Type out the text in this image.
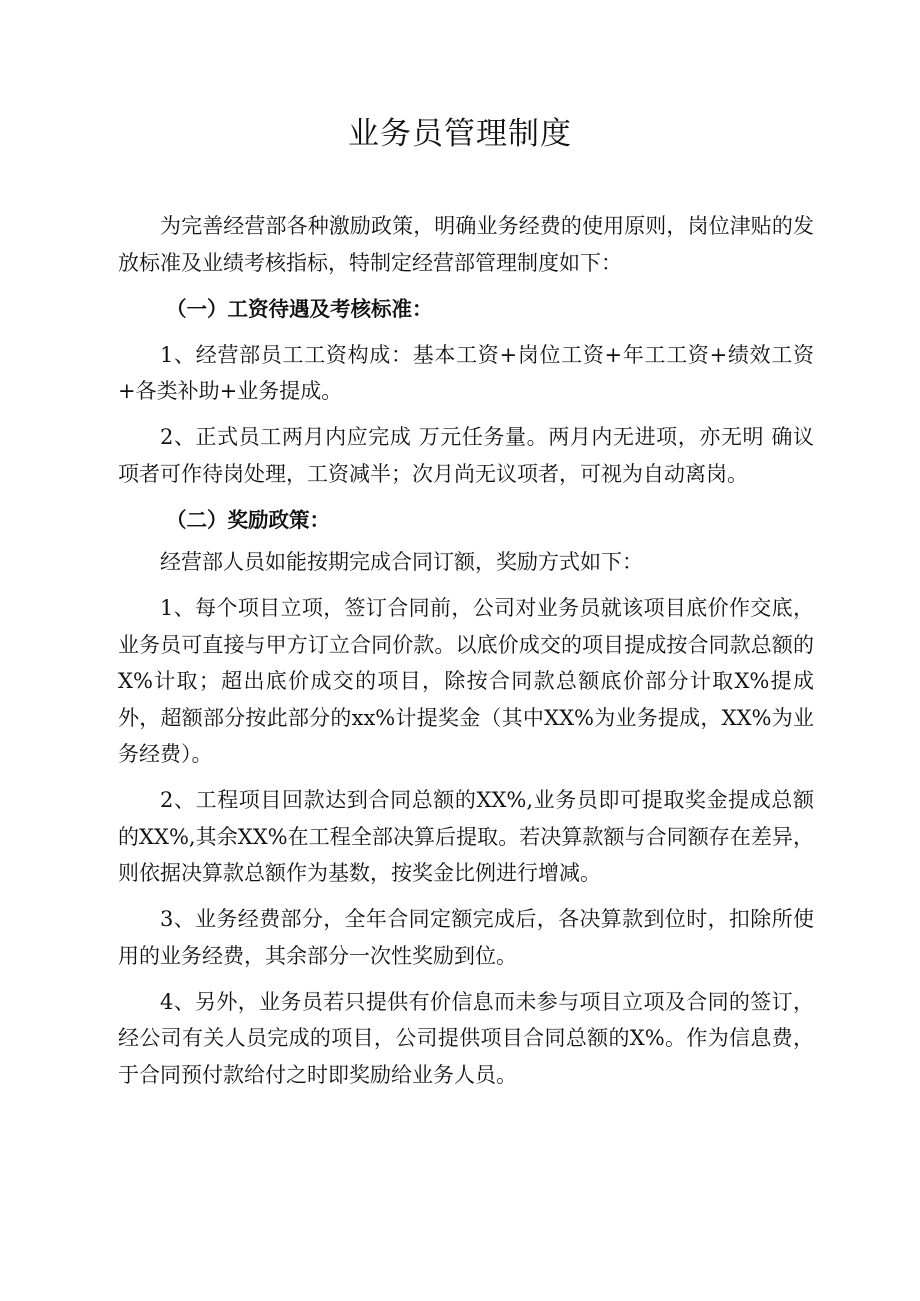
业务员管理制度

为完善经营部各种激励政策，明确业务经费的使用原则，岗位津贴的发放标准及业绩考核指标，特制定经营部管理制度如下：

（一）工资待遇及考核标准：

1、经营部员工工资构成：基本工资+岗位工资+年工工资+绩效工资+各类补助+业务提成。

2、正式员工两月内应完成 万元任务量。两月内无进项，亦无明 确议项者可作待岗处理，工资减半；次月尚无议项者，可视为自动离岗。

（二）奖励政策：

经营部人员如能按期完成合同订额，奖励方式如下：

1、每个项目立项，签订合同前，公司对业务员就该项目底价作交底，业务员可直接与甲方订立合同价款。以底价成交的项目提成按合同款总额的X%计取；超出底价成交的项目，除按合同款总额底价部分计取X%提成外，超额部分按此部分的xx%计提奖金（其中XX%为业务提成，XX%为业务经费）。

2、工程项目回款达到合同总额的XX%,业务员即可提取奖金提成总额的XX%,其余XX%在工程全部决算后提取。若决算款额与合同额存在差异，则依据决算款总额作为基数，按奖金比例进行增减。

3、业务经费部分，全年合同定额完成后，各决算款到位时，扣除所使用的业务经费，其余部分一次性奖励到位。

4、另外，业务员若只提供有价信息而未参与项目立项及合同的签订，经公司有关人员完成的项目，公司提供项目合同总额的X%。作为信息费，于合同预付款给付之时即奖励给业务人员。
